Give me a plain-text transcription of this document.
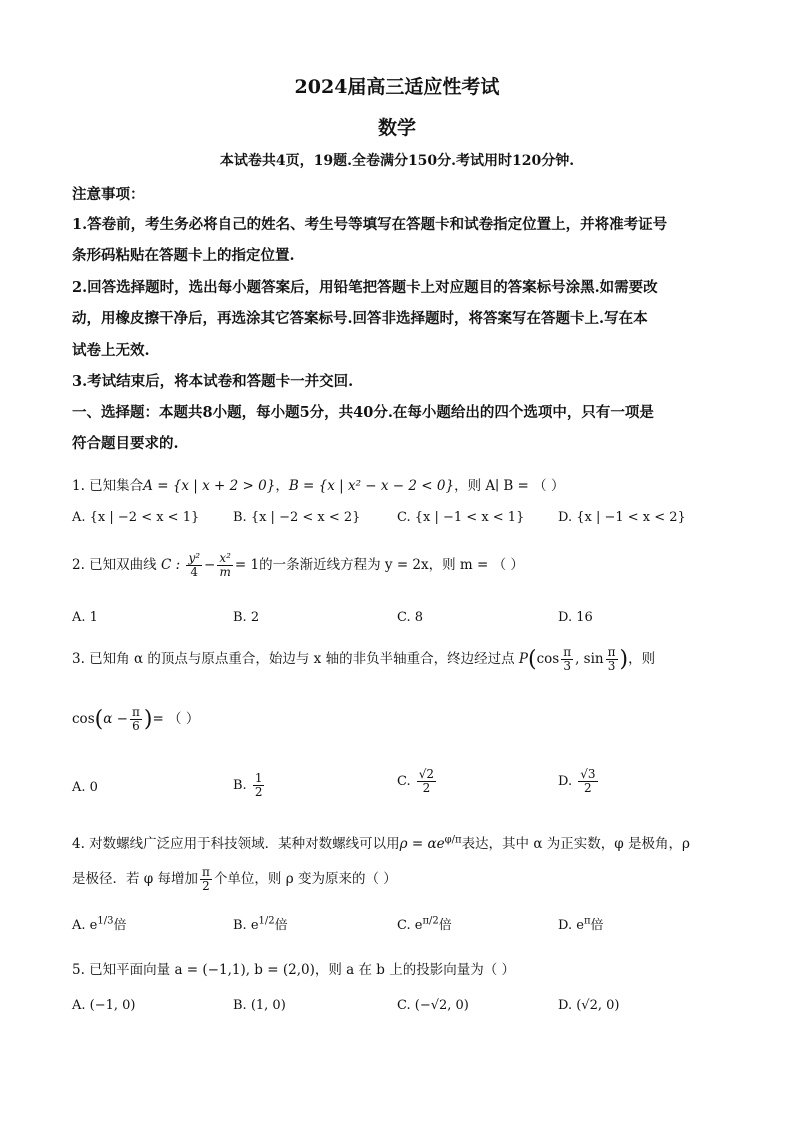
2024届高三适应性考试
数学
本试卷共4页，19题.全卷满分150分.考试用时120分钟.
注意事项：
1.答卷前，考生务必将自己的姓名、考生号等填写在答题卡和试卷指定位置上，并将准考证号
条形码粘贴在答题卡上的指定位置.
2.回答选择题时，选出每小题答案后，用铅笔把答题卡上对应题目的答案标号涂黑.如需要改
动，用橡皮擦干净后，再选涂其它答案标号.回答非选择题时，将答案写在答题卡上.写在本
试卷上无效.
3.考试结束后，将本试卷和答题卡一并交回.
一、选择题：本题共8小题，每小题5分，共40分.在每小题给出的四个选项中，只有一项是
符合题目要求的.
1. 已知集合A = {x | x + 2 > 0}，B = {x | x² − x − 2 < 0}，则 A∣ B = （ ）
A. {x | −2 < x < 1}	B. {x | −2 < x < 2}	C. {x | −1 < x < 1}	D. {x | −1 < x < 2}
2. 已知双曲线 C : $\frac{\text{y²}}{4} - \frac{\text{x²}}{m} = 1$的一条渐近线方程为 y = 2x，则 m = （ ）
A. 1	B. 2	C. 8	D. 16
3. 已知角 α 的顶点与原点重合，始边与 x 轴的非负半轴重合，终边经过点 $P(\cos \frac{\pi}{3}$ , $\sin \frac{\pi}{3}$ )，则
$\cos(\alpha - \frac{\pi}{6}$ )= （ ）
A. 0	B. $\frac{1}{2}$	C. $\frac{√2}{2}$	D. $\frac{√3}{2}$
4. 对数螺线广泛应用于科技领域．某种对数螺线可以用$\rho = \alpha e^{\varphi/\pi}$表达，其中 α 为正实数，φ 是极角，ρ
是极径．若 φ 每增加 $\frac{\pi}{2}$ 个单位，则 ρ 变为原来的（ ）
A. $e^{1/3}$倍	B. $e^{1/2}$倍	C. $e^{\pi/2}$倍	D. $e^\pi$倍
5. 已知平面向量 a = (−1,1), b = (2,0)，则 a 在 b 上的投影向量为（ ）
A. (−1, 0)	B. (1, 0)	C. (−√2, 0)	D. (√2, 0)
